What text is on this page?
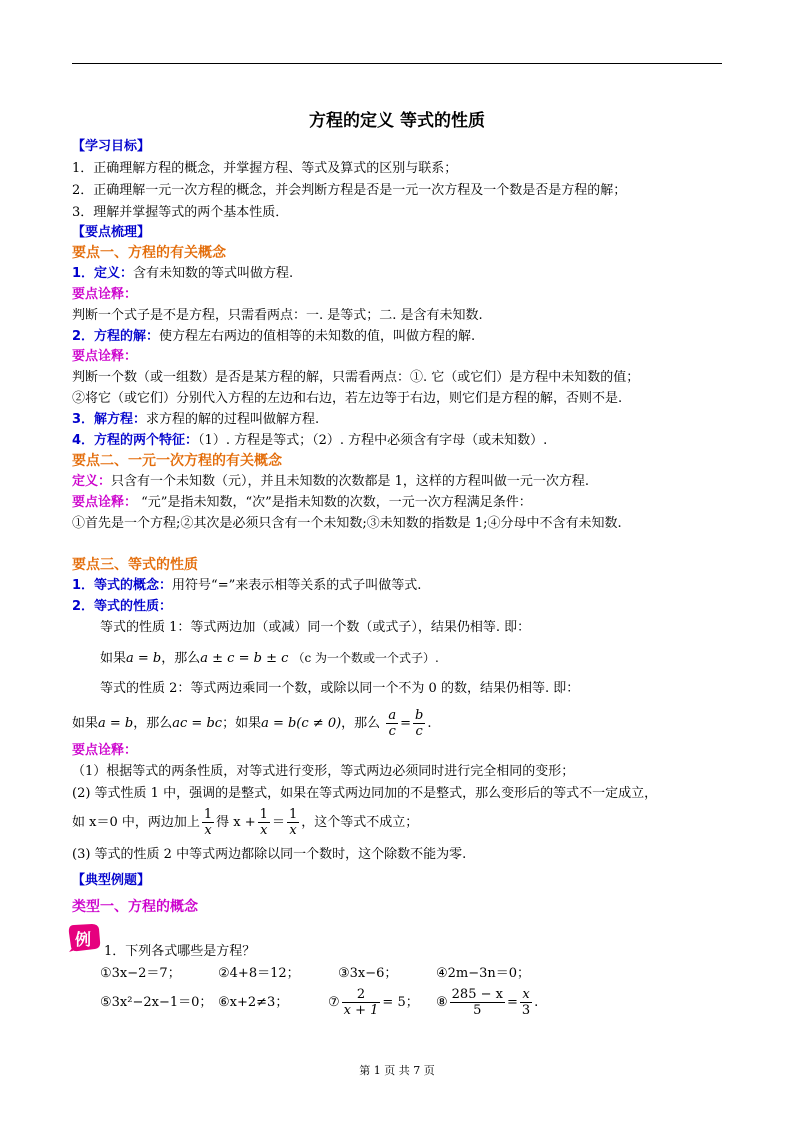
方程的定义 等式的性质
【学习目标】
1．正确理解方程的概念，并掌握方程、等式及算式的区别与联系；
2．正确理解一元一次方程的概念，并会判断方程是否是一元一次方程及一个数是否是方程的解；
3．理解并掌握等式的两个基本性质．
【要点梳理】
要点一、方程的有关概念
1．定义：含有未知数的等式叫做方程.
要点诠释：
判断一个式子是不是方程，只需看两点：一. 是等式；二. 是含有未知数.
2．方程的解：使方程左右两边的值相等的未知数的值，叫做方程的解.
要点诠释：
判断一个数（或一组数）是否是某方程的解，只需看两点：①. 它（或它们）是方程中未知数的值；
②将它（或它们）分别代入方程的左边和右边，若左边等于右边，则它们是方程的解，否则不是.
3．解方程：求方程的解的过程叫做解方程.
4．方程的两个特征：（1）. 方程是等式；（2）. 方程中必须含有字母（或未知数）.
要点二、一元一次方程的有关概念
定义：只含有一个未知数（元），并且未知数的次数都是 1，这样的方程叫做一元一次方程.
要点诠释： “元”是指未知数，“次”是指未知数的次数，一元一次方程满足条件：
①首先是一个方程;②其次是必须只含有一个未知数;③未知数的指数是 1;④分母中不含有未知数.
要点三、等式的性质
1．等式的概念：用符号“=”来表示相等关系的式子叫做等式.
2．等式的性质：
等式的性质 1：等式两边加（或减）同一个数（或式子），结果仍相等. 即：
如果a = b，那么a ± c = b ± c （c 为一个数或一个式子）.
等式的性质 2：等式两边乘同一个数，或除以同一个不为 0 的数，结果仍相等. 即：
如果a = b，那么ac = bc；如果a = b(c ≠ 0)，那么 $\frac{a}{c} = \frac{b}{c}$ .
要点诠释：
（1）根据等式的两条性质，对等式进行变形，等式两边必须同时进行完全相同的变形；
(2) 等式性质 1 中，强调的是整式，如果在等式两边同加的不是整式，那么变形后的等式不一定成立，
如 x＝0 中，两边加上 $\frac{1}{x}$ 得 $x + \frac{1}{x} = \frac{1}{x}$ ，这个等式不成立；
(3) 等式的性质 2 中等式两边都除以同一个数时，这个除数不能为零.
【典型例题】
类型一、方程的概念
例
1．下列各式哪些是方程？
①3x−2＝7；	②4+8＝12；	③3x−6；	④2m−3n＝0；
⑤3x²−2x−1＝0； ⑥x+2≠3；	⑦ $\frac{2}{x + 1} = 5$； ⑧ $\frac{285 - x}{5} = \frac{x}{3}$ .
第 1 页 共 7 页
